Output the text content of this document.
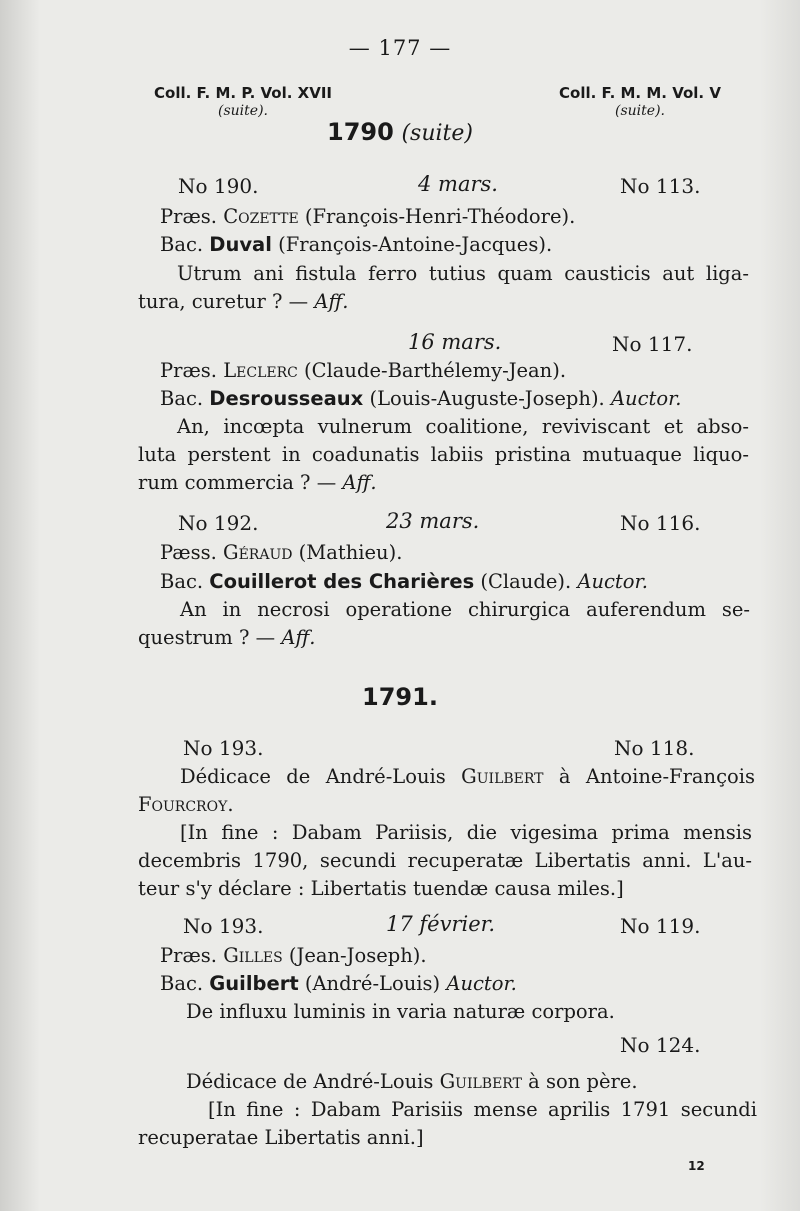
— 177 —
Coll. F. M. P. Vol. XVII
(suite).
Coll. F. M. M. Vol. V
(suite).
1790 (suite)
No 190.	4 mars.	No 113.
Præs. Cozette (François-Henri-Théodore).
Bac. Duval (François-Antoine-Jacques).
Utrum ani fistula ferro tutius quam causticis aut liga-
tura, curetur ? — Aff.
16 mars.	No 117.
Præs. Leclerc (Claude-Barthélemy-Jean).
Bac. Desrousseaux (Louis-Auguste-Joseph). Auctor.
An, incœpta vulnerum coalitione, reviviscant et abso-
luta perstent in coadunatis labiis pristina mutuaque liquo-
rum commercia ? — Aff.
No 192.	23 mars.	No 116.
Pæss. Géraud (Mathieu).
Bac. Couillerot des Charières (Claude). Auctor.
An in necrosi operatione chirurgica auferendum se-
questrum ? — Aff.
1791.
No 193.	No 118.
Dédicace de André-Louis Guilbert à Antoine-François
Fourcroy.
[In fine : Dabam Pariisis, die vigesima prima mensis
decembris 1790, secundi recuperatæ Libertatis anni. L'au-
teur s'y déclare : Libertatis tuendæ causa miles.]
No 193.	17 février.	No 119.
Præs. Gilles (Jean-Joseph).
Bac. Guilbert (André-Louis) Auctor.
De influxu luminis in varia naturæ corpora.
No 124.
Dédicace de André-Louis Guilbert à son père.
[In fine : Dabam Parisiis mense aprilis 1791 secundi
recuperatae Libertatis anni.]
12
